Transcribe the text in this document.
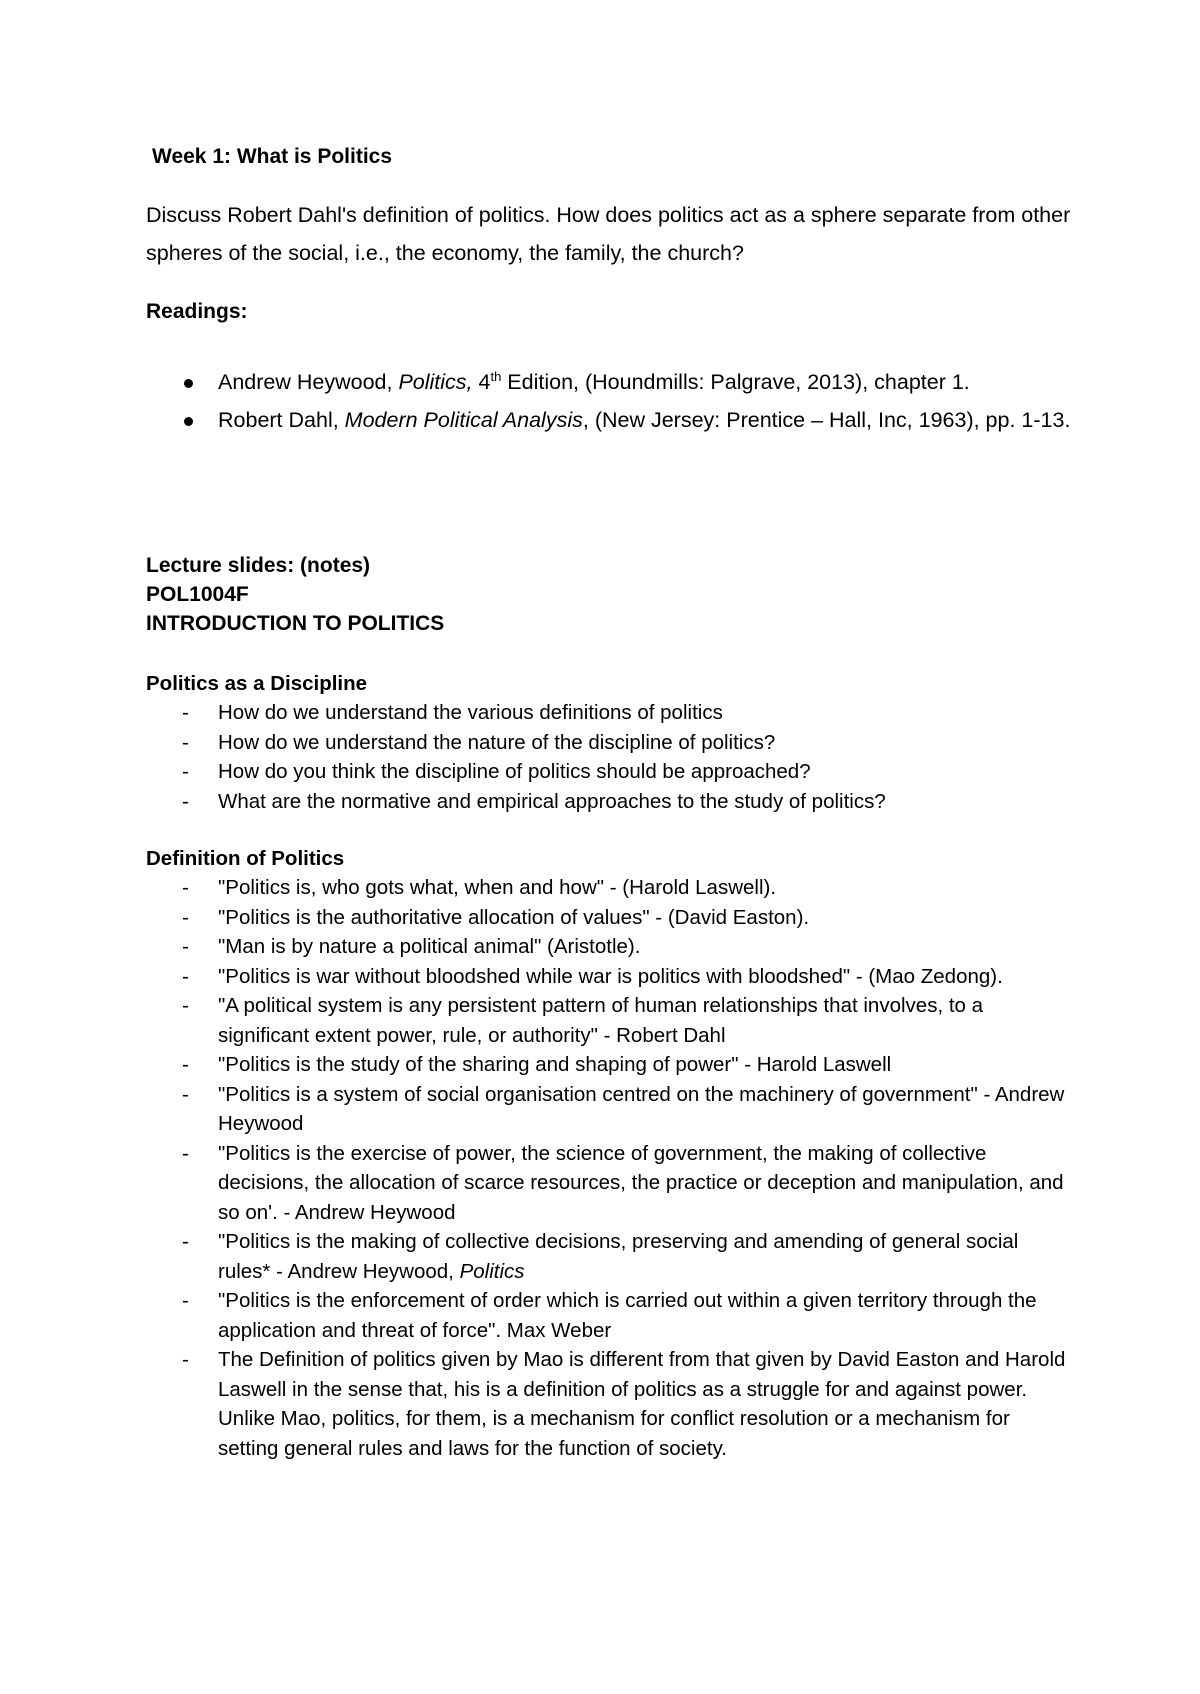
Week 1: What is Politics

Discuss Robert Dahl's definition of politics. How does politics act as a sphere separate from other spheres of the social, i.e., the economy, the family, the church?

Readings:

Andrew Heywood, Politics, 4th Edition, (Houndmills: Palgrave, 2013), chapter 1.
Robert Dahl, Modern Political Analysis, (New Jersey: Prentice – Hall, Inc, 1963), pp. 1-13.

Lecture slides: (notes)

POL1004F

INTRODUCTION TO POLITICS

Politics as a Discipline

- How do we understand the various definitions of politics
- How do we understand the nature of the discipline of politics?
- How do you think the discipline of politics should be approached?
- What are the normative and empirical approaches to the study of politics?

Definition of Politics

- "Politics is, who gots what, when and how" - (Harold Laswell).
- "Politics is the authoritative allocation of values" - (David Easton).
- "Man is by nature a political animal" (Aristotle).
- "Politics is war without bloodshed while war is politics with bloodshed" - (Mao Zedong).
- "A political system is any persistent pattern of human relationships that involves, to a significant extent power, rule, or authority" - Robert Dahl
- "Politics is the study of the sharing and shaping of power" - Harold Laswell
- "Politics is a system of social organisation centred on the machinery of government" - Andrew Heywood
- "Politics is the exercise of power, the science of government, the making of collective decisions, the allocation of scarce resources, the practice or deception and manipulation, and so on'. - Andrew Heywood
- "Politics is the making of collective decisions, preserving and amending of general social rules* - Andrew Heywood, Politics
- "Politics is the enforcement of order which is carried out within a given territory through the application and threat of force". Max Weber
- The Definition of politics given by Mao is different from that given by David Easton and Harold Laswell in the sense that, his is a definition of politics as a struggle for and against power. Unlike Mao, politics, for them, is a mechanism for conflict resolution or a mechanism for setting general rules and laws for the function of society.
